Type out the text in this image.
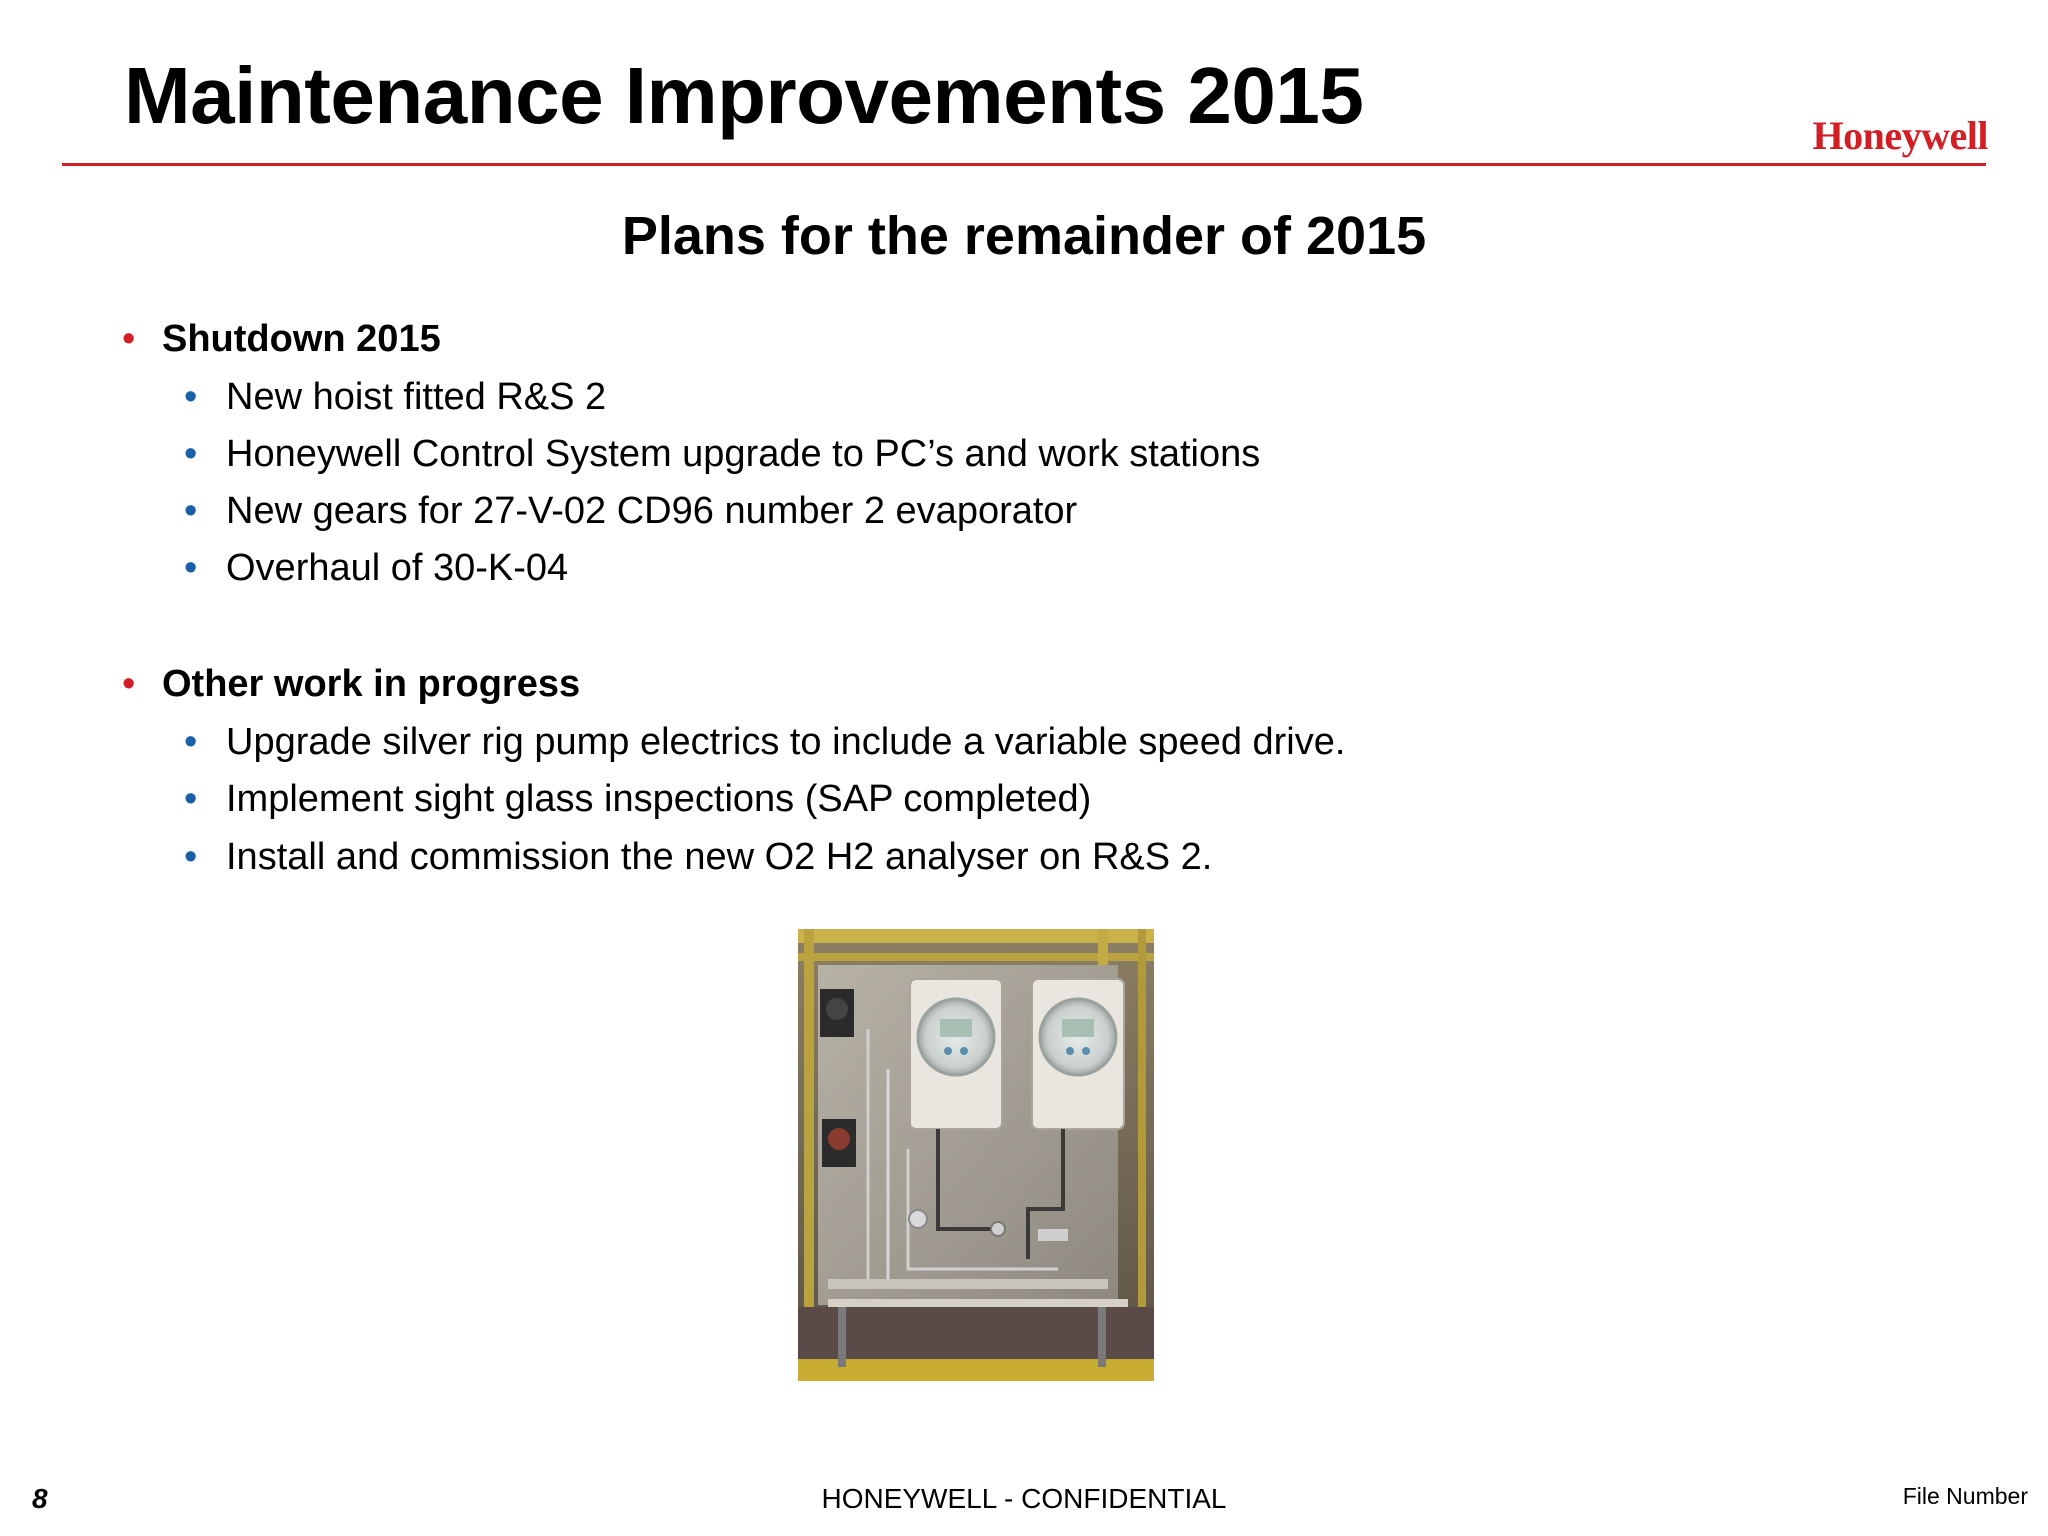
Maintenance Improvements 2015	Honeywell
Plans for the remainder of 2015
• Shutdown 2015
• New hoist fitted R&S 2
• Honeywell Control System upgrade to PC’s and work stations
• New gears for 27-V-02 CD96 number 2 evaporator
• Overhaul of 30-K-04
• Other work in progress
• Upgrade silver rig pump electrics to include a variable speed drive.
• Implement sight glass inspections (SAP completed)
• Install and commission the new O2 H2 analyser on R&S 2.
8	HONEYWELL - CONFIDENTIAL	File Number
